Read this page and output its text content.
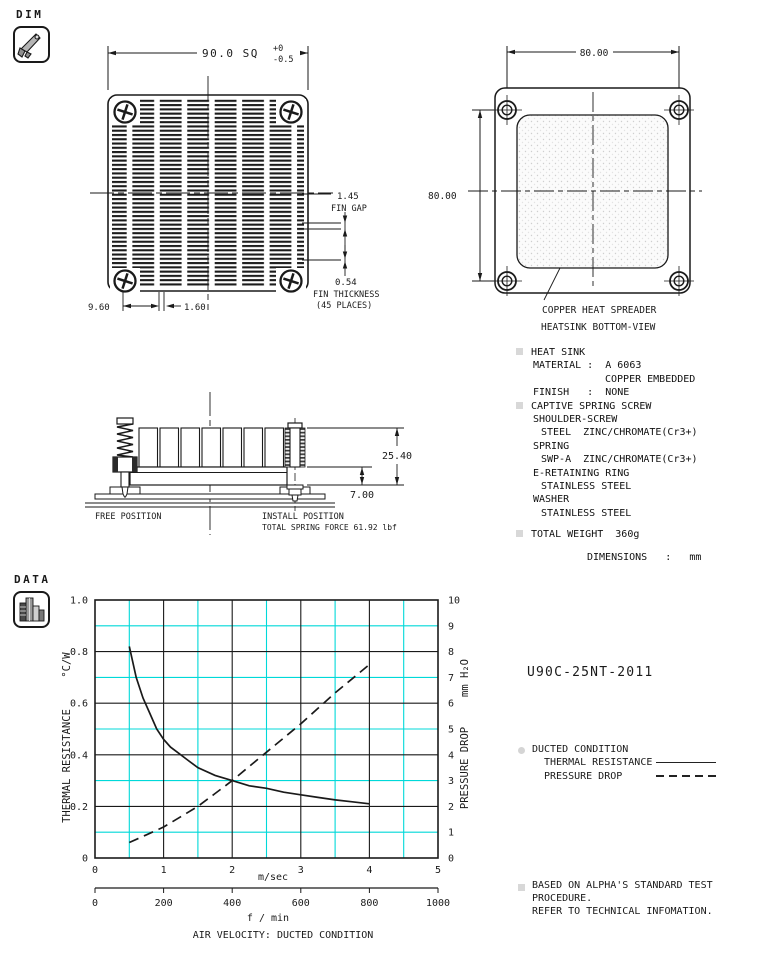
DIM
90.0 SQ +0
-0.5
1.45
FIN GAP
0.54
FIN THICKNESS
(45 PLACES)
9.60	1.60
80.00
80.00
COPPER HEAT SPREADER
HEATSINK BOTTOM-VIEW
25.40
7.00
FREE POSITION	INSTALL POSITION
TOTAL SPRING FORCE 61.92 lbf
HEAT SINK
MATERIAL :  A 6063
COPPER EMBEDDED
FINISH   :  NONE
CAPTIVE SPRING SCREW
SHOULDER-SCREW
STEEL  ZINC/CHROMATE(Cr3+)
SPRING
SWP-A  ZINC/CHROMATE(Cr3+)
E-RETAINING RING
STAINLESS STEEL
WASHER
STAINLESS STEEL
TOTAL WEIGHT  360g
DIMENSIONS   :   mm
DATA
0
0.2
0.4
0.6
0.8
1.0
0
1
2
3
4
5
6
7
8
9
10
0	1	2	3	4	5
m/sec
°C/W
THERMAL RESISTANCE
mm H₂O
PRESSURE DROP
0	200	400	600	800	1000
f / min
AIR VELOCITY: DUCTED CONDITION
U90C-25NT-2011
DUCTED CONDITION
THERMAL RESISTANCE
PRESSURE DROP
BASED ON ALPHA'S STANDARD TEST
PROCEDURE.
REFER TO TECHNICAL INFOMATION.
